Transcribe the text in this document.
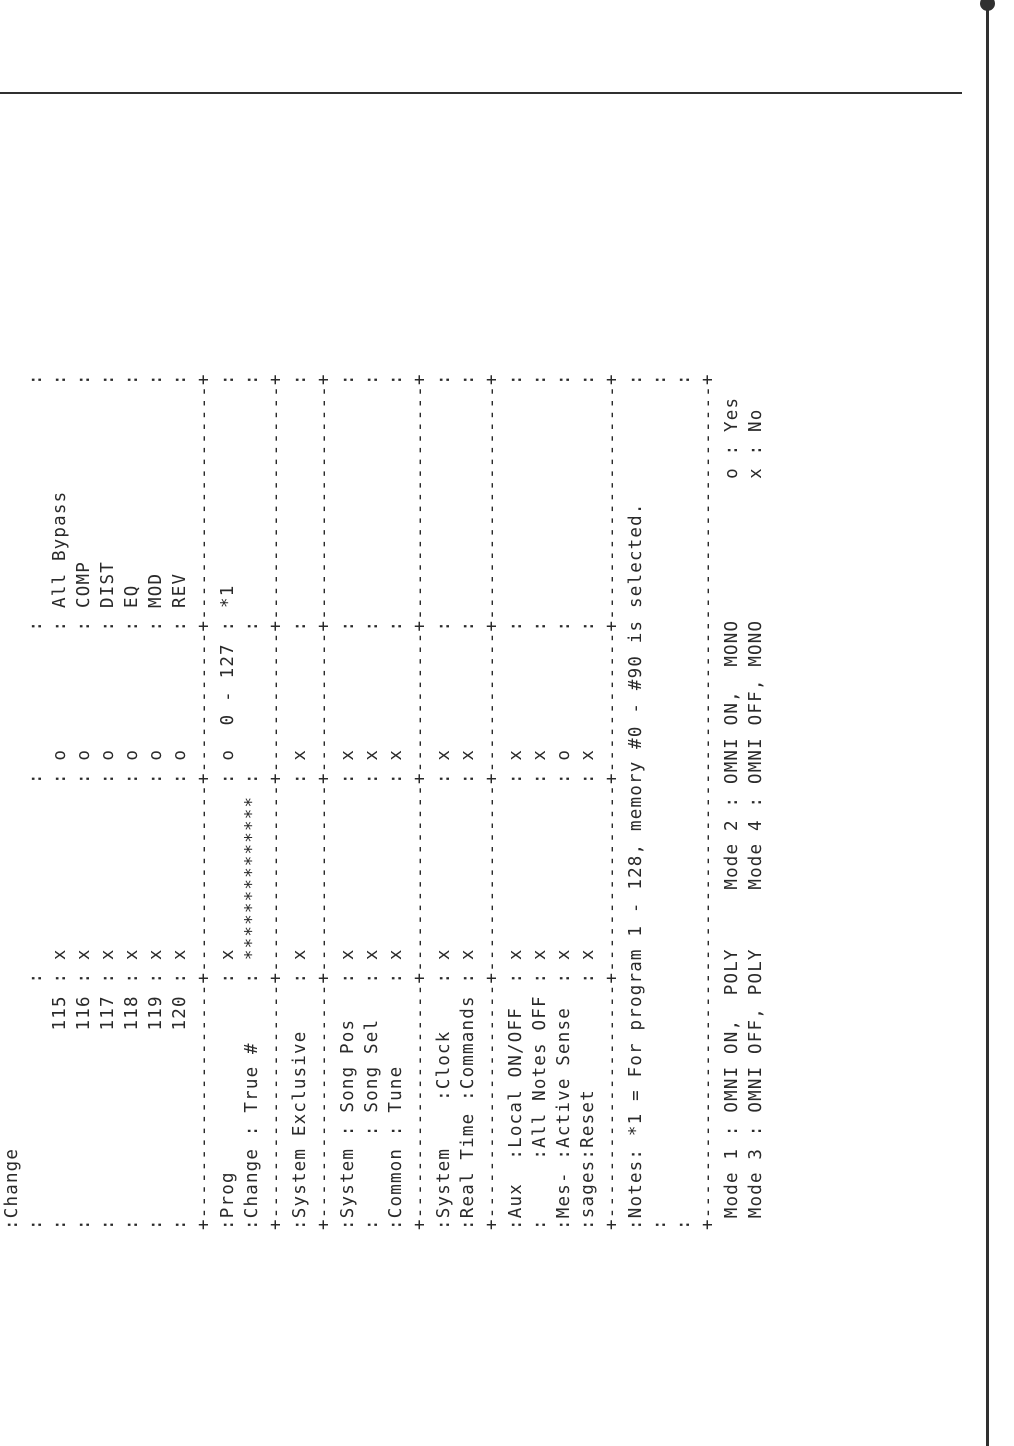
:Change :                    :                :            :                    : :                115 : x              : o          : All Bypass         : :                116 : x              : o          : COMP               : :                117 : x              : o          : DIST               : :                118 : x              : o          : EQ                 : :                119 : x              : o          : MOD                : :                120 : x              : o          : REV                : +--------------------+----------------+------------+--------------------+ :Prog                : x              : o  0 - 127 : *1                 : :Change : True #     : ************** :            :                    : +--------------------+----------------+------------+--------------------+ :System Exclusive    : x              : x          :                    : +--------------------+----------------+------------+--------------------+ :System : Song Pos   : x              : x          :                    : :       : Song Sel   : x              : x          :                    : :Common : Tune       : x              : x          :                    : +--------------------+----------------+------------+--------------------+ :System    :Clock    : x              : x          :                    : :Real Time :Commands : x              : x          :                    : +--------------------+----------------+------------+--------------------+ :Aux  :Local ON/OFF  : x              : x          :                    : :     :All Notes OFF : x              : x          :                    : :Mes- :Active Sense  : x              : o          :                    : :sages:Reset         : x              : x          :                    : +--------------------+----------------+------------+--------------------+ :Notes: *1 = For program 1 - 128, memory #0 - #90 is selected.          : :                                                                       : :                                                                       : +-----------------------------------------------------------------------+
Mode 1 : OMNI ON,  POLY     Mode 2 : OMNI ON,  MONO            o : Yes
Mode 3 : OMNI OFF, POLY     Mode 4 : OMNI OFF, MONO            x : No
